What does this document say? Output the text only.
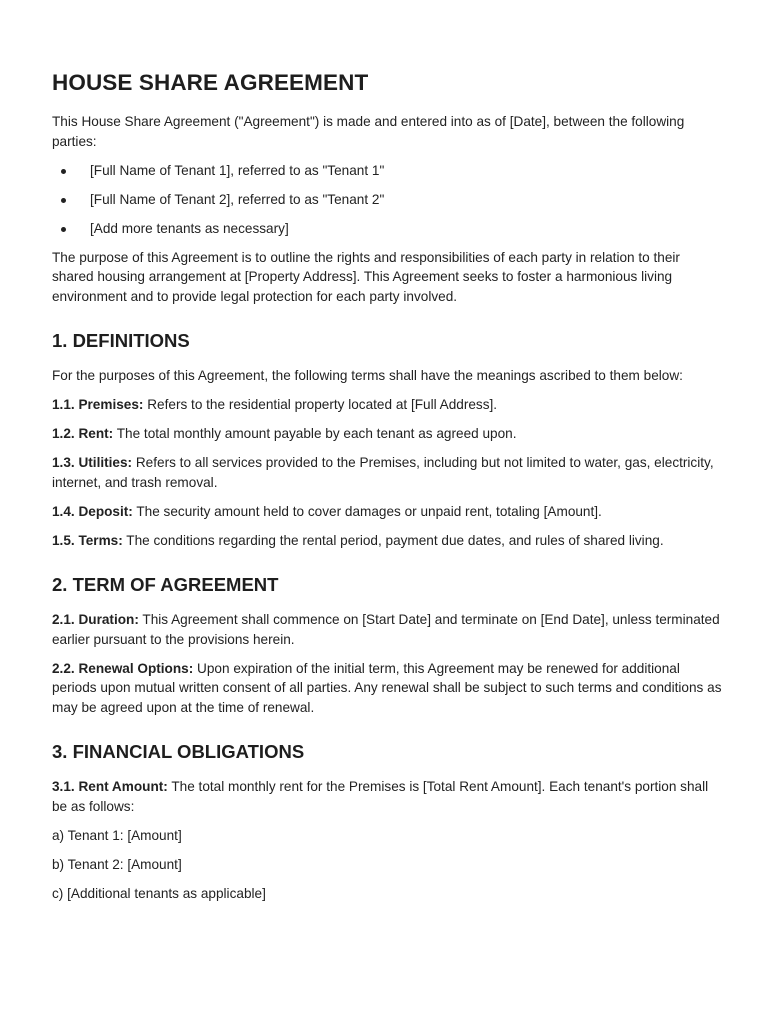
HOUSE SHARE AGREEMENT

This House Share Agreement ("Agreement") is made and entered into as of [Date], between the following parties:

[Full Name of Tenant 1], referred to as "Tenant 1"
[Full Name of Tenant 2], referred to as "Tenant 2"
[Add more tenants as necessary]

The purpose of this Agreement is to outline the rights and responsibilities of each party in relation to their shared housing arrangement at [Property Address]. This Agreement seeks to foster a harmonious living environment and to provide legal protection for each party involved.

1. DEFINITIONS

For the purposes of this Agreement, the following terms shall have the meanings ascribed to them below:

1.1. Premises: Refers to the residential property located at [Full Address].

1.2. Rent: The total monthly amount payable by each tenant as agreed upon.

1.3. Utilities: Refers to all services provided to the Premises, including but not limited to water, gas, electricity, internet, and trash removal.

1.4. Deposit: The security amount held to cover damages or unpaid rent, totaling [Amount].

1.5. Terms: The conditions regarding the rental period, payment due dates, and rules of shared living.

2. TERM OF AGREEMENT

2.1. Duration: This Agreement shall commence on [Start Date] and terminate on [End Date], unless terminated earlier pursuant to the provisions herein.

2.2. Renewal Options: Upon expiration of the initial term, this Agreement may be renewed for additional periods upon mutual written consent of all parties. Any renewal shall be subject to such terms and conditions as may be agreed upon at the time of renewal.

3. FINANCIAL OBLIGATIONS

3.1. Rent Amount: The total monthly rent for the Premises is [Total Rent Amount]. Each tenant's portion shall be as follows:

a) Tenant 1: [Amount]

b) Tenant 2: [Amount]

c) [Additional tenants as applicable]
